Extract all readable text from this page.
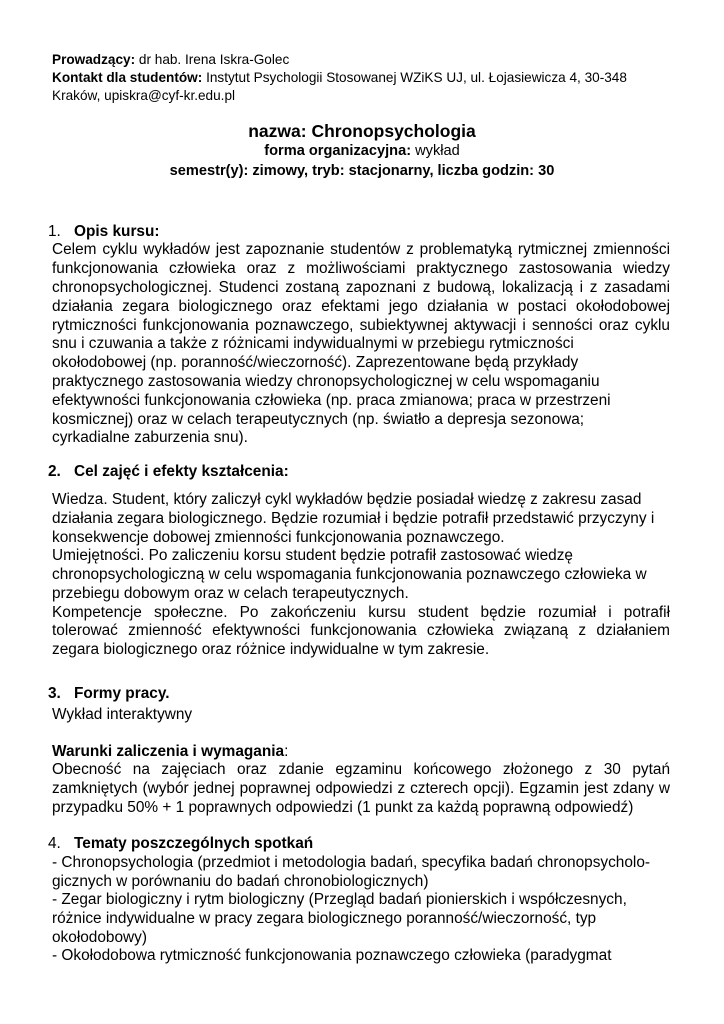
Prowadzący: dr hab. Irena Iskra-Golec
Kontakt dla studentów: Instytut Psychologii Stosowanej WZiKS UJ, ul. Łojasiewicza 4, 30-348
Kraków, upiskra@cyf-kr.edu.pl
nazwa: Chronopsychologia
forma organizacyjna: wykład
semestr(y): zimowy, tryb: stacjonarny, liczba godzin: 30
1. Opis kursu:
Celem cyklu wykładów jest zapoznanie studentów z problematyką rytmicznej zmienności
funkcjonowania człowieka oraz z możliwościami praktycznego zastosowania wiedzy
chronopsychologicznej. Studenci zostaną zapoznani z budową, lokalizacją i z zasadami
działania zegara biologicznego oraz efektami jego działania w postaci okołodobowej
rytmiczności funkcjonowania poznawczego, subiektywnej aktywacji i senności oraz cyklu
snu i czuwania a także z różnicami indywidualnymi w przebiegu rytmiczności
okołodobowej (np. poranność/wieczorność). Zaprezentowane będą przykłady
praktycznego zastosowania wiedzy chronopsychologicznej w celu wspomaganiu
efektywności funkcjonowania człowieka (np. praca zmianowa; praca w przestrzeni
kosmicznej) oraz w celach terapeutycznych (np. światło a depresja sezonowa;
cyrkadialne zaburzenia snu).
2. Cel zajęć i efekty kształcenia:
Wiedza. Student, który zaliczył cykl wykładów będzie posiadał wiedzę z zakresu zasad
działania zegara biologicznego. Będzie rozumiał i będzie potrafił przedstawić przyczyny i
konsekwencje dobowej zmienności funkcjonowania poznawczego.
Umiejętności. Po zaliczeniu korsu student będzie potrafił zastosować wiedzę
chronopsychologiczną w celu wspomagania funkcjonowania poznawczego człowieka w
przebiegu dobowym oraz w celach terapeutycznych.
Kompetencje społeczne. Po zakończeniu kursu student będzie rozumiał i potrafił
tolerować zmienność efektywności funkcjonowania człowieka związaną z działaniem
zegara biologicznego oraz różnice indywidualne w tym zakresie.
3. Formy pracy.
Wykład interaktywny
Warunki zaliczenia i wymagania:
Obecność na zajęciach oraz zdanie egzaminu końcowego złożonego z 30 pytań
zamkniętych (wybór jednej poprawnej odpowiedzi z czterech opcji). Egzamin jest zdany w
przypadku 50% + 1 poprawnych odpowiedzi (1 punkt za każdą poprawną odpowiedź)
4. Tematy poszczególnych spotkań
- Chronopsychologia (przedmiot i metodologia badań, specyfika badań chronopsycholo-
gicznych w porównaniu do badań chronobiologicznych)
- Zegar biologiczny i rytm biologiczny (Przegląd badań pionierskich i współczesnych,
różnice indywidualne w pracy zegara biologicznego poranność/wieczorność, typ
okołodobowy)
- Okołodobowa rytmiczność funkcjonowania poznawczego człowieka (paradygmat
